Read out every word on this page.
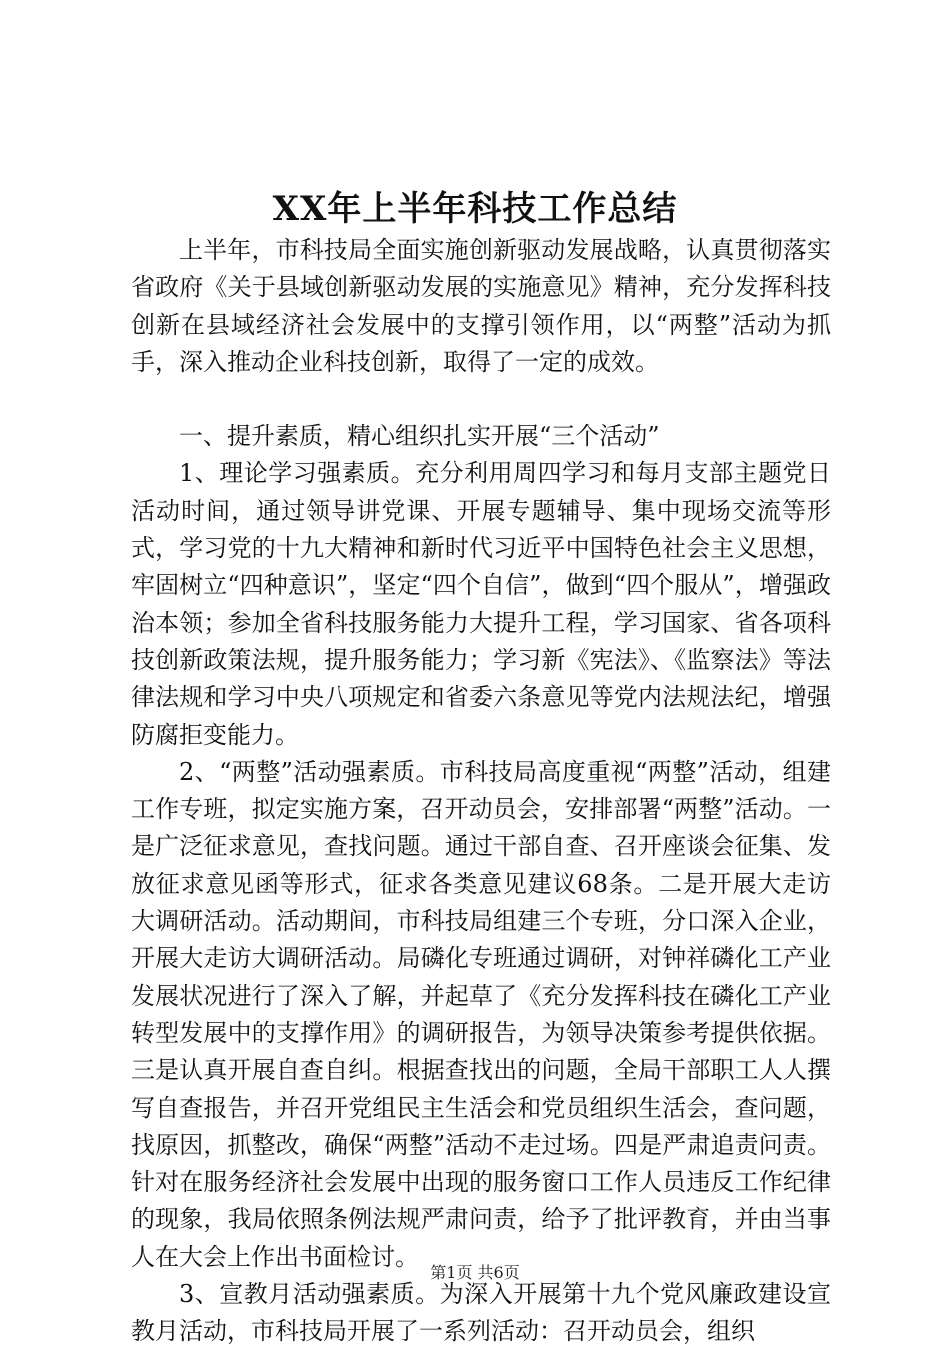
XX年上半年科技工作总结

上半年，市科技局全面实施创新驱动发展战略，认真贯彻落实省政府《关于县域创新驱动发展的实施意见》精神，充分发挥科技创新在县域经济社会发展中的支撑引领作用，以“两整”活动为抓手，深入推动企业科技创新，取得了一定的成效。

一、提升素质，精心组织扎实开展“三个活动”

1、理论学习强素质。充分利用周四学习和每月支部主题党日活动时间，通过领导讲党课、开展专题辅导、集中现场交流等形式，学习党的十九大精神和新时代习近平中国特色社会主义思想，牢固树立“四种意识”，坚定“四个自信”，做到“四个服从”，增强政治本领；参加全省科技服务能力大提升工程，学习国家、省各项科技创新政策法规，提升服务能力；学习新《宪法》、《监察法》等法律法规和学习中央八项规定和省委六条意见等党内法规法纪，增强防腐拒变能力。

2、“两整”活动强素质。市科技局高度重视“两整”活动，组建工作专班，拟定实施方案，召开动员会，安排部署“两整”活动。一是广泛征求意见，查找问题。通过干部自查、召开座谈会征集、发放征求意见函等形式，征求各类意见建议68条。二是开展大走访大调研活动。活动期间，市科技局组建三个专班，分口深入企业，开展大走访大调研活动。局磷化专班通过调研，对钟祥磷化工产业发展状况进行了深入了解，并起草了《充分发挥科技在磷化工产业转型发展中的支撑作用》的调研报告，为领导决策参考提供依据。三是认真开展自查自纠。根据查找出的问题，全局干部职工人人撰写自查报告，并召开党组民主生活会和党员组织生活会，查问题，找原因，抓整改，确保“两整”活动不走过场。四是严肃追责问责。针对在服务经济社会发展中出现的服务窗口工作人员违反工作纪律的现象，我局依照条例法规严肃问责，给予了批评教育，并由当事人在大会上作出书面检讨。

3、宣教月活动强素质。为深入开展第十九个党风廉政建设宣教月活动，市科技局开展了一系列活动：召开动员会，组织

第1页 共6页
